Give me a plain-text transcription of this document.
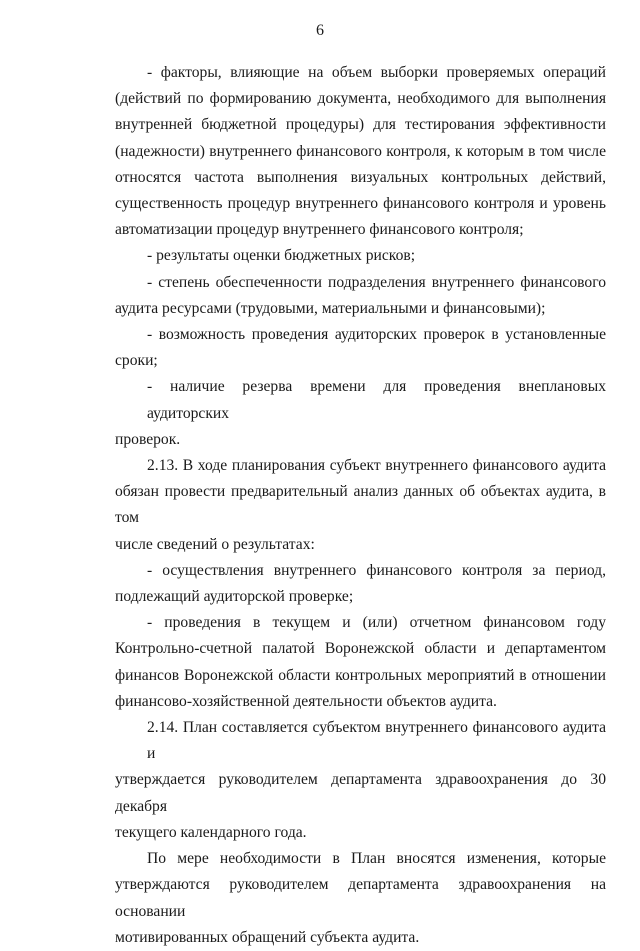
6
- факторы, влияющие на объем выборки проверяемых операций
(действий по формированию документа, необходимого для выполнения
внутренней бюджетной процедуры) для тестирования эффективности
(надежности) внутреннего финансового контроля, к которым в том числе
относятся частота выполнения визуальных контрольных действий,
существенность процедур внутреннего финансового контроля и уровень
автоматизации процедур внутреннего финансового контроля;
- результаты оценки бюджетных рисков;
- степень обеспеченности подразделения внутреннего финансового
аудита ресурсами (трудовыми, материальными и финансовыми);
- возможность проведения аудиторских проверок в установленные
сроки;
- наличие резерва времени для проведения внеплановых аудиторских
проверок.
2.13. В ходе планирования субъект внутреннего финансового аудита
обязан провести предварительный анализ данных об объектах аудита, в том
числе сведений о результатах:
- осуществления внутреннего финансового контроля за период,
подлежащий аудиторской проверке;
- проведения в текущем и (или) отчетном финансовом году
Контрольно-счетной палатой Воронежской области и департаментом
финансов Воронежской области контрольных мероприятий в отношении
финансово-хозяйственной деятельности объектов аудита.
2.14. План составляется субъектом внутреннего финансового аудита и
утверждается руководителем департамента здравоохранения до 30 декабря
текущего календарного года.
По мере необходимости в План вносятся изменения, которые
утверждаются руководителем департамента здравоохранения на основании
мотивированных обращений субъекта аудита.
